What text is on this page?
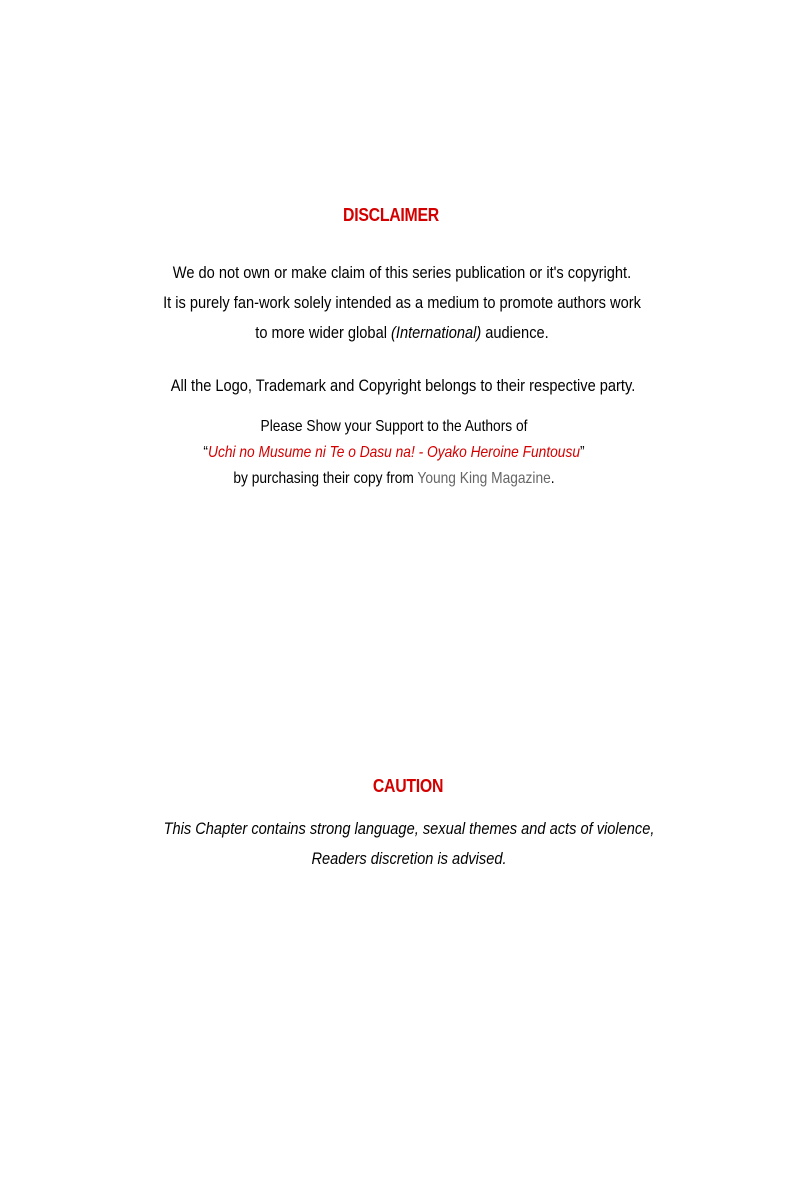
DISCLAIMER
We do not own or make claim of this series publication or it's copyright.
It is purely fan-work solely intended as a medium to promote authors work
to more wider global (International) audience.
All the Logo, Trademark and Copyright belongs to their respective party.
Please Show your Support to the Authors of
“Uchi no Musume ni Te o Dasu na! - Oyako Heroine Funtousu”
by purchasing their copy from Young King Magazine.
CAUTION
This Chapter contains strong language, sexual themes and acts of violence,
Readers discretion is advised.
